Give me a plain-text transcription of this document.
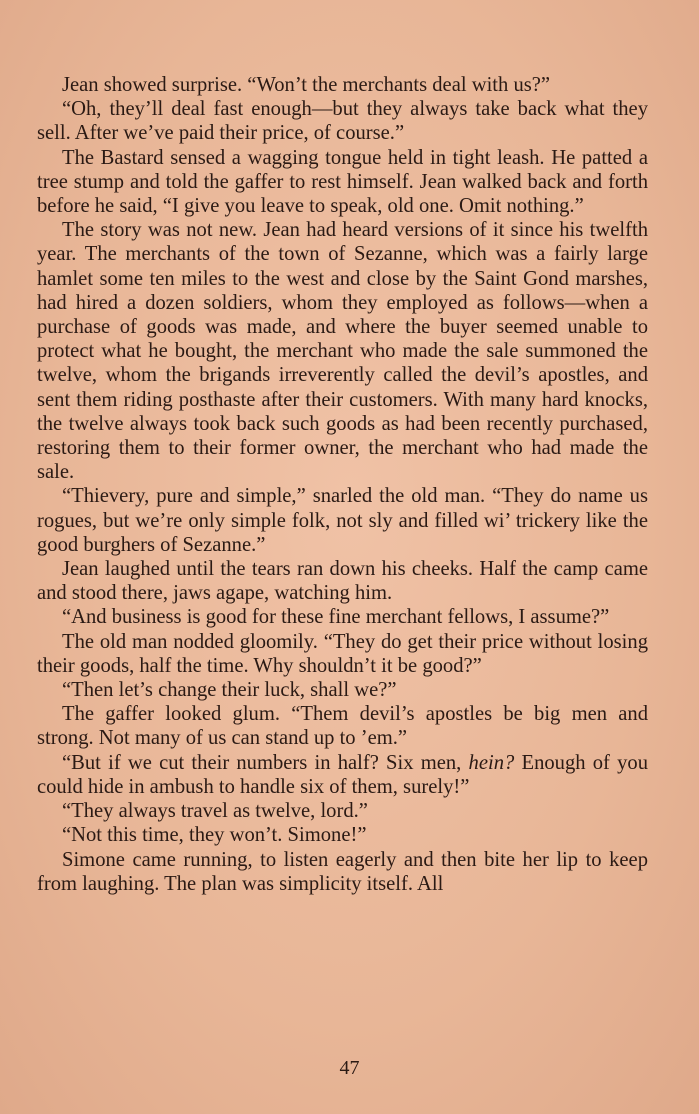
Jean showed surprise. “Won’t the merchants deal with us?”

“Oh, they’ll deal fast enough—but they always take back what they sell. After we’ve paid their price, of course.”

The Bastard sensed a wagging tongue held in tight leash. He patted a tree stump and told the gaffer to rest himself. Jean walked back and forth before he said, “I give you leave to speak, old one. Omit nothing.”

The story was not new. Jean had heard versions of it since his twelfth year. The merchants of the town of Sezanne, which was a fairly large hamlet some ten miles to the west and close by the Saint Gond marshes, had hired a dozen soldiers, whom they employed as follows—when a purchase of goods was made, and where the buyer seemed unable to protect what he bought, the merchant who made the sale summoned the twelve, whom the brigands irreverently called the devil’s apostles, and sent them riding posthaste after their customers. With many hard knocks, the twelve always took back such goods as had been recently purchased, restoring them to their former owner, the merchant who had made the sale.

“Thievery, pure and simple,” snarled the old man. “They do name us rogues, but we’re only simple folk, not sly and filled wi’ trickery like the good burghers of Sezanne.”

Jean laughed until the tears ran down his cheeks. Half the camp came and stood there, jaws agape, watching him.

“And business is good for these fine merchant fellows, I assume?”

The old man nodded gloomily. “They do get their price without losing their goods, half the time. Why shouldn’t it be good?”

“Then let’s change their luck, shall we?”

The gaffer looked glum. “Them devil’s apostles be big men and strong. Not many of us can stand up to ’em.”

“But if we cut their numbers in half? Six men, hein? Enough of you could hide in ambush to handle six of them, surely!”

“They always travel as twelve, lord.”

“Not this time, they won’t. Simone!”

Simone came running, to listen eagerly and then bite her lip to keep from laughing. The plan was simplicity itself. All

47
